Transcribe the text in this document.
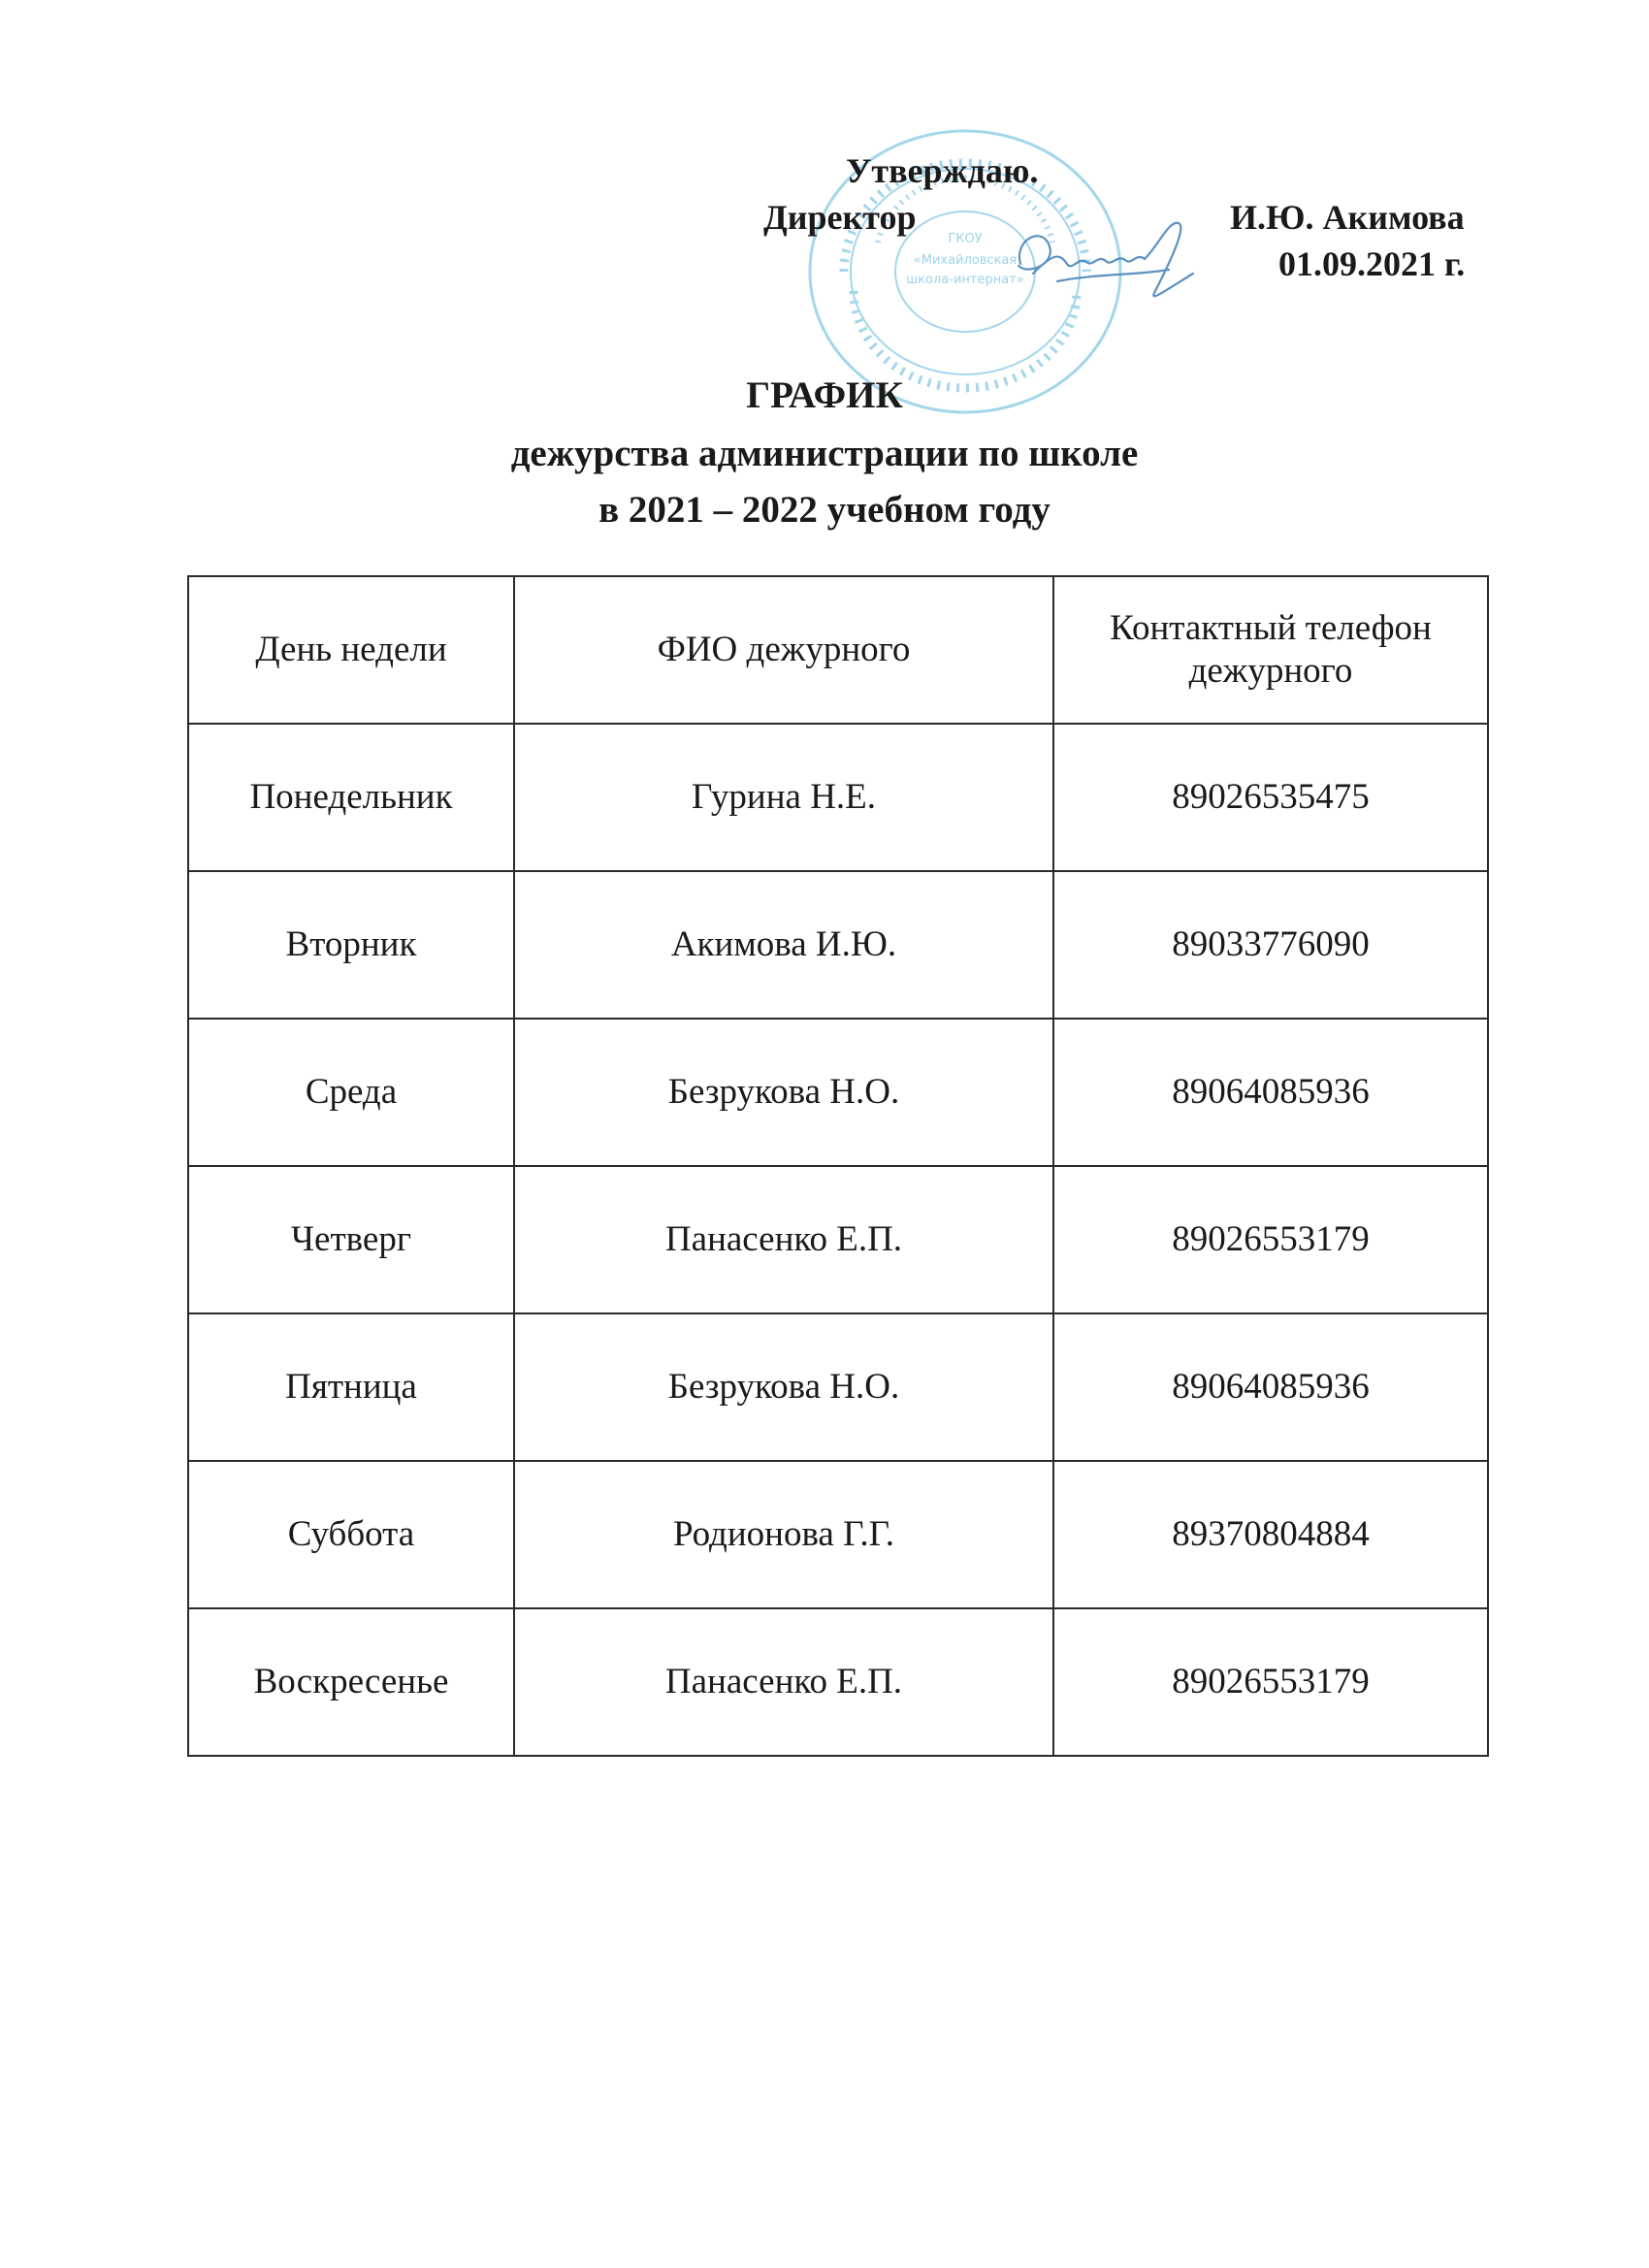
ГКОУ
«Михайловская
школа-интернат»
Утверждаю.
Директор	И.Ю. Акимова
01.09.2021 г.
ГРАФИК
дежурства администрации по школе
в 2021 – 2022 учебном году
День недели	ФИО дежурного	Контактный телефон дежурного
Понедельник	Гурина Н.Е.	89026535475
Вторник	Акимова И.Ю.	89033776090
Среда	Безрукова Н.О.	89064085936
Четверг	Панасенко Е.П.	89026553179
Пятница	Безрукова Н.О.	89064085936
Суббота	Родионова Г.Г.	89370804884
Воскресенье	Панасенко Е.П.	89026553179
